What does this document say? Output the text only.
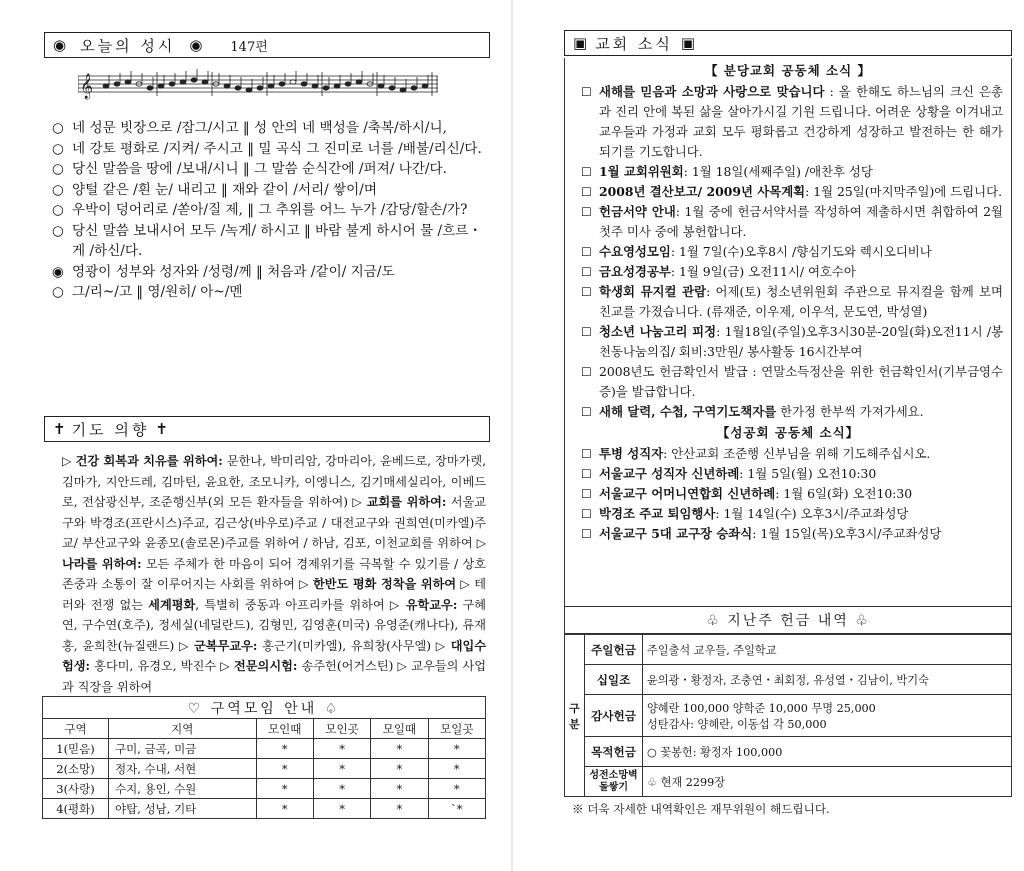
◉ 오늘의 성시 ◉ 147편
𝄞
○ 네 성문 빗장으로 /잠그/시고 ‖ 성 안의 네 백성을 /축복/하시/니,
○ 네 강토 평화로 /지켜/ 주시고 ‖ 밀 곡식 그 진미로 너를 /배불/리신/다.
○ 당신 말씀을 땅에 /보내/시니 ‖ 그 말씀 순식간에 /퍼져/ 나간/다.
○ 양털 같은 /흰 눈/ 내리고 ‖ 재와 같이 /서리/ 쌓이/며
○ 우박이 덩어리로 /쏟아/질 제, ‖ 그 추위를 어느 누가 /감당/할손/가?
○ 당신 말씀 보내시어 모두 /녹게/ 하시고 ‖ 바람 불게 하시어 물 /흐르・게 /하신/다.
◉ 영광이 성부와 성자와 /성령/께 ‖ 처음과 /같이/ 지금/도
○ 그/리~/고 ‖ 영/원히/ 아~/멘
✝ 기도 의향 ✝
▷ 건강 회복과 치유를 위하여: 문한나, 박미리암, 강마리아, 윤베드로, 장마가렛, 김마가, 지안드레, 김마틴, 윤요한, 조모니카, 이엥니스, 김기매세실리아, 이베드로, 전삼광신부, 조준행신부(외 모든 환자들을 위하여) ▷ 교회를 위하여: 서울교구와 박경조(프란시스)주교, 김근상(바우로)주교 / 대전교구와 권희연(미카엘)주교/ 부산교구와 윤종모(솔로몬)주교를 위하여 / 하남, 김포, 이천교회를 위하여 ▷ 나라를 위하여: 모든 주체가 한 마음이 되어 경제위기를 극복할 수 있기를 / 상호존중과 소통이 잘 이루어지는 사회를 위하여 ▷ 한반도 평화 정착을 위하여 ▷ 테러와 전쟁 없는 세계평화, 특별히 중동과 아프리카를 위하여 ▷ 유학교우: 구혜연, 구수연(호주), 정세실(네덜란드), 김형민, 김영훈(미국) 유영준(캐나다), 류재홍, 윤희찬(뉴질랜드) ▷ 군복무교우: 홍근기(미카엘), 유희창(사무엘) ▷ 대입수험생: 홍다미, 유경오, 박진수 ▷ 전문의시험: 송주헌(어거스틴) ▷ 교우들의 사업과 직장을 위하여
♡ 구역모임 안내 ♤					
구역	지역	모인때	모인곳	모일때	모일곳
1(믿음)	구미, 금곡, 미금	*	*	*	*
2(소망)	정자, 수내, 서현	*	*	*	*
3(사랑)	수지, 용인, 수원	*	*	*	*
4(평화)	야탑, 성남, 기타	*	*	*	`*
▣ 교회 소식 ▣
【 분당교회 공동체 소식 】
☐ 새해를 믿음과 소망과 사랑으로 맞습니다 : 올 한해도 하느님의 크신 은총과 진리 안에 복된 삶을 살아가시길 기원 드립니다. 어려운 상황을 이겨내고 교우들과 가정과 교회 모두 평화롭고 건강하게 성장하고 발전하는 한 해가 되기를 기도합니다.
☐ 1월 교회위원회: 1월 18일(세째주일) /애찬후 성당
☐ 2008년 결산보고/ 2009년 사목계획: 1월 25일(마지막주일)에 드립니다.
☐ 헌금서약 안내: 1월 중에 헌금서약서를 작성하여 제출하시면 취합하여 2월 첫주 미사 중에 봉헌합니다.
☐ 수요영성모임: 1월 7일(수)오후8시 /향심기도와 렉시오디비나
☐ 금요성경공부: 1월 9일(금) 오전11시/ 여호수아
☐ 학생회 뮤지컬 관람: 어제(토) 청소년위원회 주관으로 뮤지컬을 함께 보며 친교를 가졌습니다. (류재준, 이우제, 이우석, 문도연, 박성열)
☐ 청소년 나눔고리 피정: 1월18일(주일)오후3시30분-20일(화)오전11시 /봉천동나눔의집/ 회비:3만원/ 봉사활동 16시간부여
☐ 2008년도 헌금확인서 발급 : 연말소득정산을 위한 헌금확인서(기부금영수증)을 발급합니다.
☐ 새해 달력, 수첩, 구역기도책자를 한가정 한부씩 가져가세요.
【성공회 공동체 소식】
☐ 투병 성직자: 안산교회 조준행 신부님을 위해 기도해주십시오.
☐ 서울교구 성직자 신년하례: 1월 5일(월) 오전10:30
☐ 서울교구 어머니연합회 신년하례: 1월 6일(화) 오전10:30
☐ 박경조 주교 퇴임행사: 1월 14일(수) 오후3시/주교좌성당
☐ 서울교구 5대 교구장 승좌식: 1월 15일(목)오후3시/주교좌성당
♧ 지난주 헌금 내역 ♧
구분	주일헌금	주일출석 교우들, 주일학교

	십일조	윤의광・황정자, 조충연・최회정, 유성열・김남이, 박기숙

	감사헌금	양혜란 100,000 양학준 10,000 무명 25,000
성탄감사: 양혜란, 이동섭 각 50,000

	목적헌금	○ 꽃봉헌: 황정자 100,000

	성전소망벽돌쌓기	♧ 현재 2299장
※ 더욱 자세한 내역확인은 재무위원이 해드립니다.
